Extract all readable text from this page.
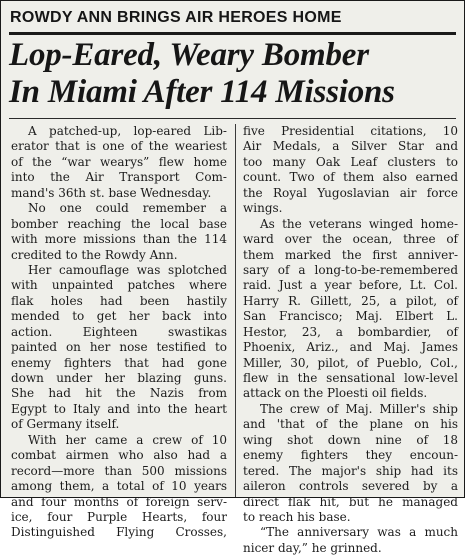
ROWDY ANN BRINGS AIR HEROES HOME
Lop-Eared, Weary Bomber
In Miami After 114 Missions
A patched-up, lop-eared Lib-
erator that is one of the weariest
of the “war wearys” flew home
into the Air Transport Com-
mand's 36th st. base Wednesday.
No one could remember a
bomber reaching the local base
with more missions than the 114
credited to the Rowdy Ann.
Her camouflage was splotched
with unpainted patches where
flak holes had been hastily
mended to get her back into
action. Eighteen swastikas
painted on her nose testified to
enemy fighters that had gone
down under her blazing guns.
She had hit the Nazis from
Egypt to Italy and into the heart
of Germany itself.
With her came a crew of 10
combat airmen who also had a
record—more than 500 missions
among them, a total of 10 years
and four months of foreign serv-
ice, four Purple Hearts, four
Distinguished Flying Crosses,
five Presidential citations, 10
Air Medals, a Silver Star and
too many Oak Leaf clusters to
count. Two of them also earned
the Royal Yugoslavian air force
wings.
As the veterans winged home-
ward over the ocean, three of
them marked the first anniver-
sary of a long-to-be-remembered
raid. Just a year before, Lt. Col.
Harry R. Gillett, 25, a pilot, of
San Francisco; Maj. Elbert L.
Hestor, 23, a bombardier, of
Phoenix, Ariz., and Maj. James
Miller, 30, pilot, of Pueblo, Col.,
flew in the sensational low-level
attack on the Ploesti oil fields.
The crew of Maj. Miller's ship
and 'that of the plane on his
wing shot down nine of 18
enemy fighters they encoun-
tered. The major's ship had its
aileron controls severed by a
direct flak hit, but he managed
to reach his base.
“The anniversary was a much
nicer day,” he grinned.
